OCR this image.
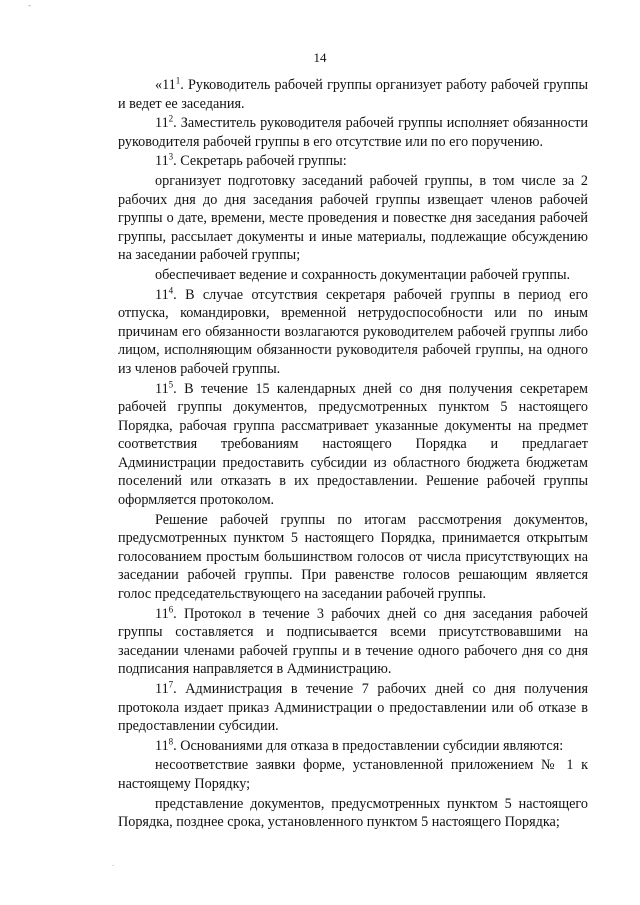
-
14

«$11^1$. Руководитель рабочей группы организует работу рабочей группы и ведет ее заседания.

$11^2$. Заместитель руководителя рабочей группы исполняет обязанности руководителя рабочей группы в его отсутствие или по его поручению.

$11^3$. Секретарь рабочей группы:

организует подготовку заседаний рабочей группы, в том числе за 2 рабочих дня до дня заседания рабочей группы извещает членов рабочей группы о дате, времени, месте проведения и повестке дня заседания рабочей группы, рассылает документы и иные материалы, подлежащие обсуждению на заседании рабочей группы;

обеспечивает ведение и сохранность документации рабочей группы.

$11^4$. В случае отсутствия секретаря рабочей группы в период его отпуска, командировки, временной нетрудоспособности или по иным причинам его обязанности возлагаются руководителем рабочей группы либо лицом, исполняющим обязанности руководителя рабочей группы, на одного из членов рабочей группы.

$11^5$. В течение 15 календарных дней со дня получения секретарем рабочей группы документов, предусмотренных пунктом 5 настоящего Порядка, рабочая группа рассматривает указанные документы на предмет соответствия требованиям настоящего Порядка и предлагает Администрации предоставить субсидии из областного бюджета бюджетам поселений или отказать в их предоставлении. Решение рабочей группы оформляется протоколом.

Решение рабочей группы по итогам рассмотрения документов, предусмотренных пунктом 5 настоящего Порядка, принимается открытым голосованием простым большинством голосов от числа присутствующих на заседании рабочей группы. При равенстве голосов решающим является голос председательствующего на заседании рабочей группы.

$11^6$. Протокол в течение 3 рабочих дней со дня заседания рабочей группы составляется и подписывается всеми присутствовавшими на заседании членами рабочей группы и в течение одного рабочего дня со дня подписания направляется в Администрацию.

$11^7$. Администрация в течение 7 рабочих дней со дня получения протокола издает приказ Администрации о предоставлении или об отказе в предоставлении субсидии.

$11^8$. Основаниями для отказа в предоставлении субсидии являются:

несоответствие заявки форме, установленной приложением № 1 к настоящему Порядку;

представление документов, предусмотренных пунктом 5 настоящего Порядка, позднее срока, установленного пунктом 5 настоящего Порядка;

.
